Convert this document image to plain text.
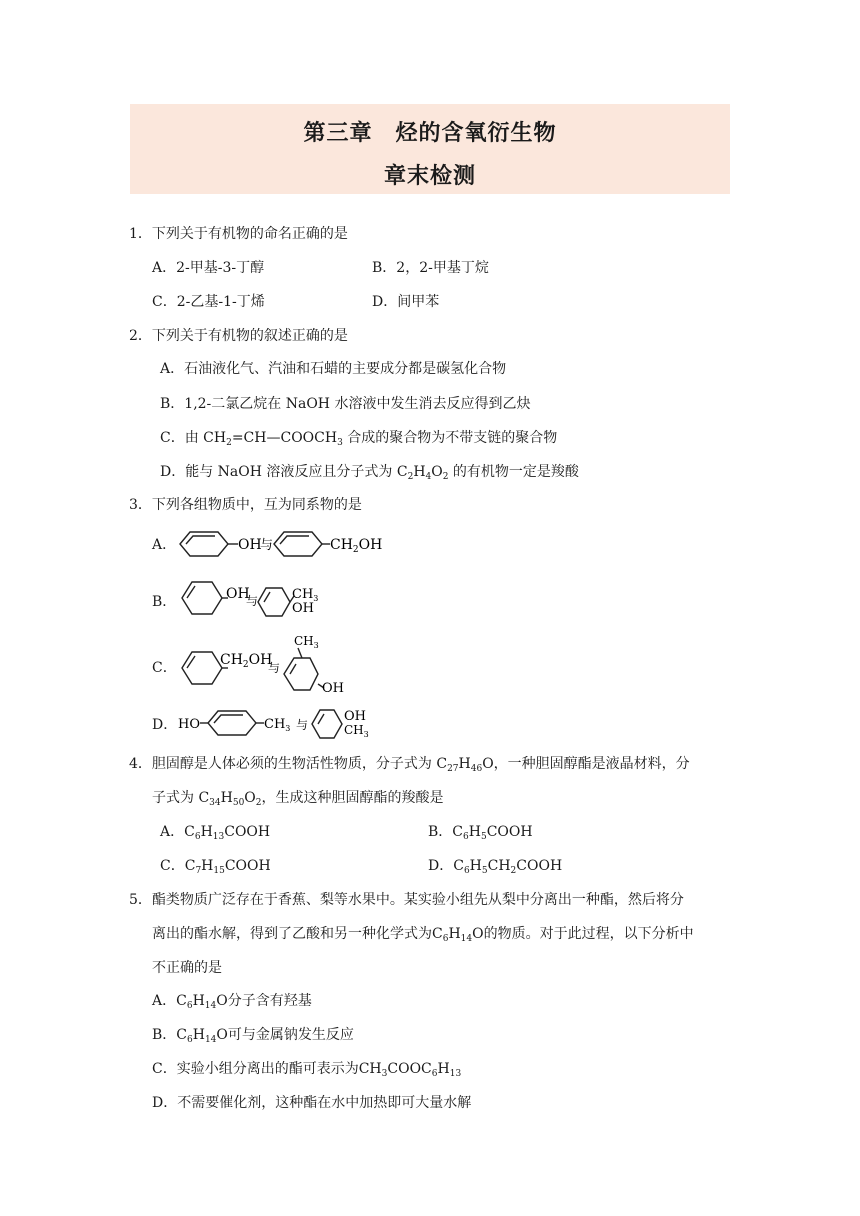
第三章　烃的含氧衍生物
章末检测
1．下列关于有机物的命名正确的是
A．2-甲基-3-丁醇	B．2，2-甲基丁烷
C．2-乙基-1-丁烯	D．间甲苯
2．下列关于有机物的叙述正确的是
A．石油液化气、汽油和石蜡的主要成分都是碳氢化合物
B．1,2-二氯乙烷在 NaOH 水溶液中发生消去反应得到乙炔
C．由 $CH_2=CH—COOCH_3$ 合成的聚合物为不带支链的聚合物
D．能与 NaOH 溶液反应且分子式为 $C_2H_4O_2$ 的有机物一定是羧酸
3．下列各组物质中，互为同系物的是
A．	OH
与	$CH_2OH$
B．	OH
与	$CH_3$
OH
C．	$CH_2OH$
与
$CH_3$
OH
D． HO	$CH_3$ 与
OH
$CH_3$
4．胆固醇是人体必须的生物活性物质，分子式为 $C_{27}H_{46}O$，一种胆固醇酯是液晶材料，分
子式为 $C_{34}H_{50}O_2$，生成这种胆固醇酯的羧酸是
A．$C_6H_{13}COOH$	B．$C_6H_5COOH$
C．$C_7H_{15}COOH$	D．$C_6H_5CH_2COOH$
5．酯类物质广泛存在于香蕉、梨等水果中。某实验小组先从梨中分离出一种酯，然后将分
离出的酯水解，得到了乙酸和另一种化学式为$C_6H_{14}O$的物质。对于此过程，以下分析中
不正确的是
A．$C_6H_{14}O$分子含有羟基
B．$C_6H_{14}O$可与金属钠发生反应
C．实验小组分离出的酯可表示为$CH_3COOC_6H_{13}$
D．不需要催化剂，这种酯在水中加热即可大量水解
